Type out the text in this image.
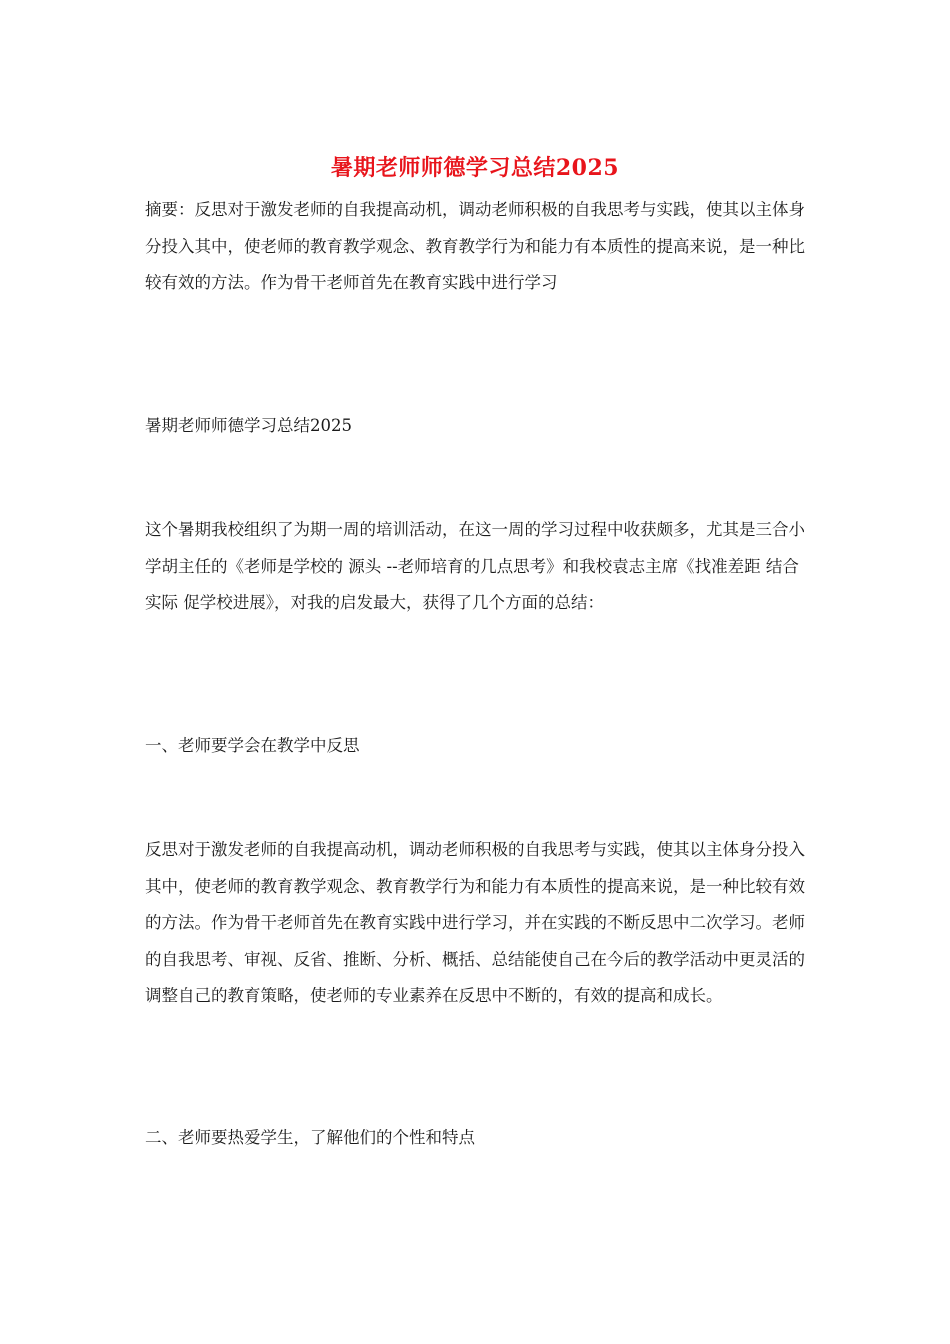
暑期老师师德学习总结2025

摘要：反思对于激发老师的自我提高动机，调动老师积极的自我思考与实践，使其以主体身分投入其中，使老师的教育教学观念、教育教学行为和能力有本质性的提高来说，是一种比较有效的方法。作为骨干老师首先在教育实践中进行学习

暑期老师师德学习总结2025

这个暑期我校组织了为期一周的培训活动，在这一周的学习过程中收获颇多，尤其是三合小学胡主任的《老师是学校的 源头 --老师培育的几点思考》和我校袁志主席《找准差距 结合实际 促学校进展》，对我的启发最大，获得了几个方面的总结：

一、老师要学会在教学中反思

反思对于激发老师的自我提高动机，调动老师积极的自我思考与实践，使其以主体身分投入其中，使老师的教育教学观念、教育教学行为和能力有本质性的提高来说，是一种比较有效的方法。作为骨干老师首先在教育实践中进行学习，并在实践的不断反思中二次学习。老师的自我思考、审视、反省、推断、分析、概括、总结能使自己在今后的教学活动中更灵活的调整自己的教育策略，使老师的专业素养在反思中不断的，有效的提高和成长。

二、老师要热爱学生，了解他们的个性和特点
